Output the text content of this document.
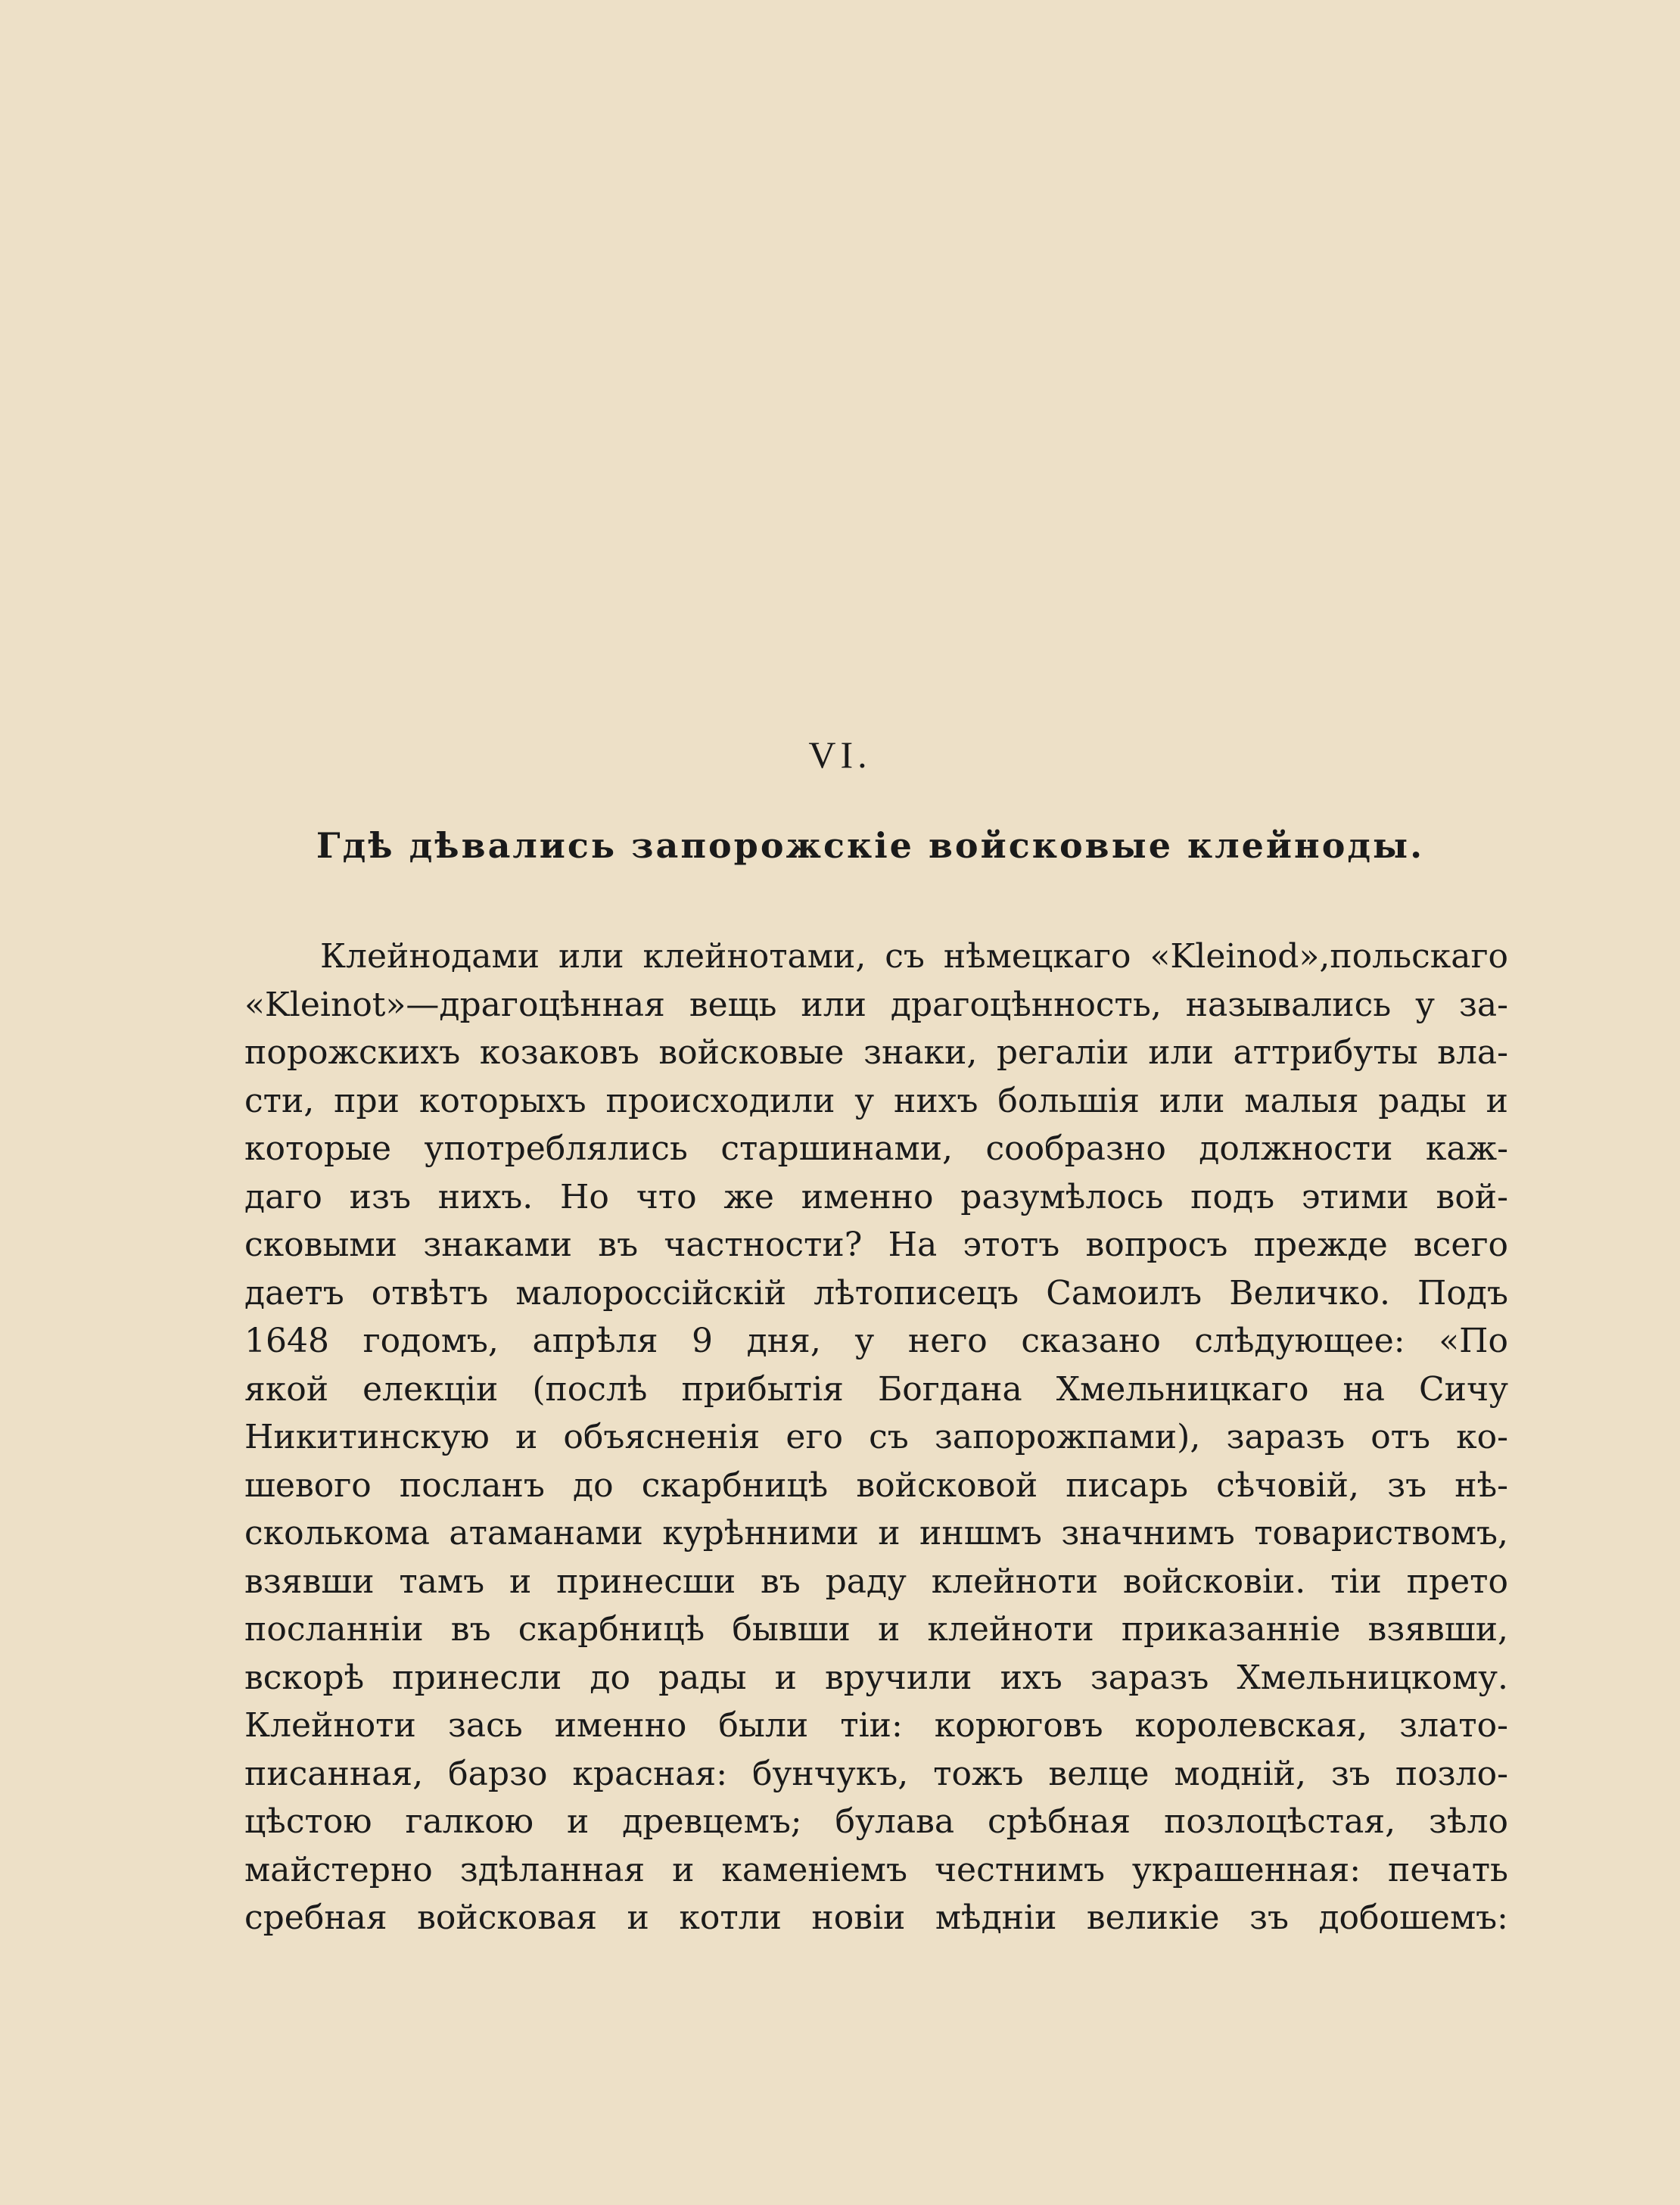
VI.
Гдѣ дѣвались запорожскіе войсковые клейноды.
Клейнодами или клейнотами, съ нѣмецкаго «Kleinod»,польскаго
«Kleinot»—драгоцѣнная вещь или драгоцѣнность, назывались у за-
порожскихъ козаковъ войсковые знаки, регаліи или аттрибуты вла-
сти, при которыхъ происходили у нихъ большія или малыя рады и
которые употреблялись старшинами, сообразно должности каж-
даго изъ нихъ. Но что же именно разумѣлось подъ этими вой-
сковыми знаками въ частности? На этотъ вопросъ прежде всего
даетъ отвѣтъ малороссійскій лѣтописецъ Самоилъ Величко. Подъ
1648 годомъ, апрѣля 9 дня, у него сказано слѣдующее: «По
якой елекціи (послѣ прибытія Богдана Хмельницкаго на Сичу
Никитинскую и объясненія его съ запорожпами), заразъ отъ ко-
шевого посланъ до скарбницѣ войсковой писарь сѣчовій, зъ нѣ-
сколькома атаманами курѣнними и иншмъ значнимъ товариствомъ,
взявши тамъ и принесши въ раду клейноти войсковіи. тіи прето
посланніи въ скарбницѣ бывши и клейноти приказанніе взявши,
вскорѣ принесли до рады и вручили ихъ заразъ Хмельницкому.
Клейноти зась именно были тіи: корюговъ королевская, злато-
писанная, барзо красная: бунчукъ, тожъ велце модній, зъ позло-
цѣстою галкою и древцемъ; булава срѣбная позлоцѣстая, зѣло
майстерно здѣланная и каменіемъ честнимъ украшенная: печать
сребная войсковая и котли новіи мѣдніи великіе зъ добошемъ:
